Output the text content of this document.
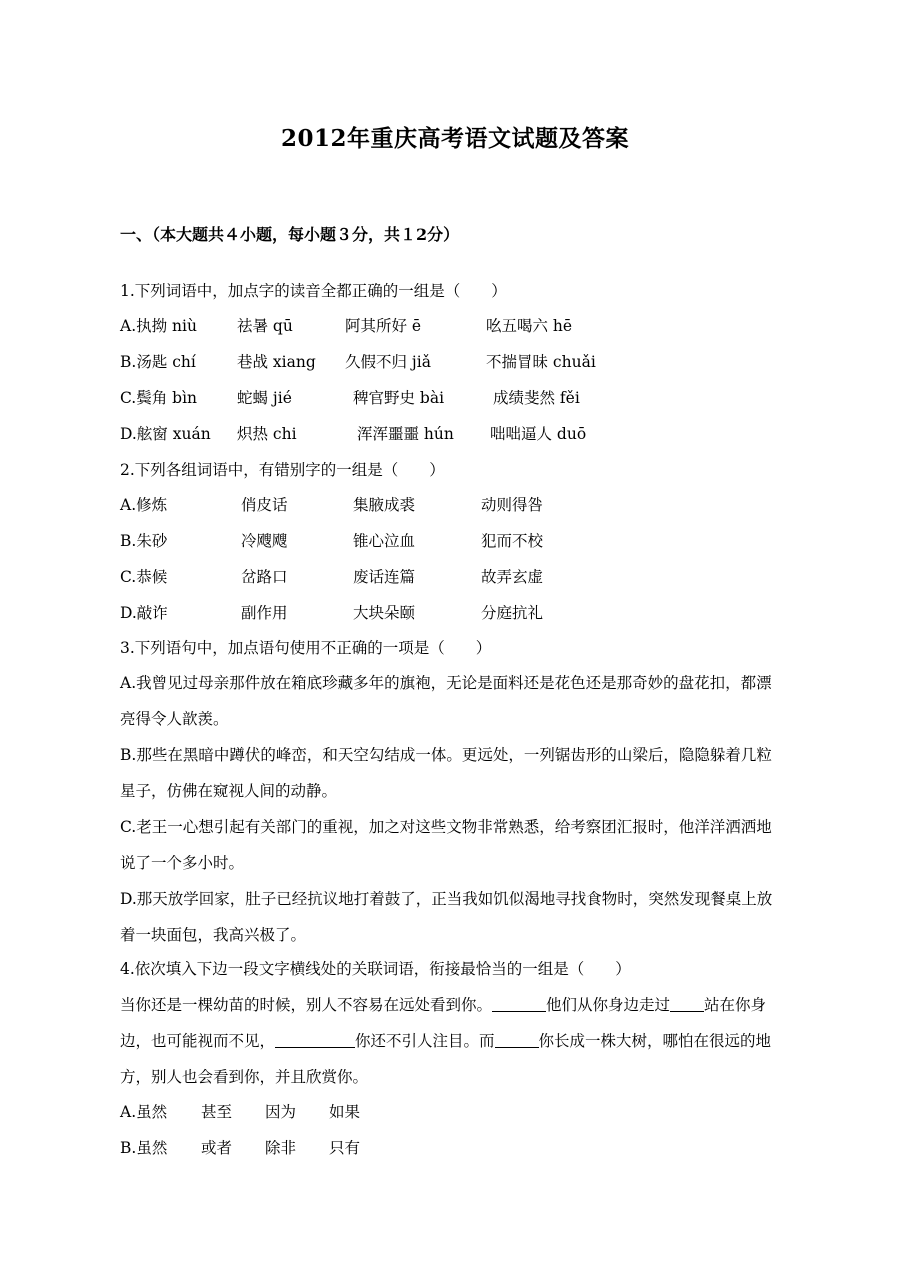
2012年重庆高考语文试题及答案
一、（本大题共４小题，每小题３分，共１2分）
1.下列词语中，加点字的读音全都正确的一组是（　　）
A.执拗 niù	祛暑 qū	阿其所好 ē	吆五喝六 hē
B.汤匙 chí	巷战 xiang 久假不归 jiǎ	不揣冒昧 chuǎi
C.鬓角 bìn	蛇蝎 jié	稗官野史 bài	成绩斐然 fěi
D.舷窗 xuán 炽热 chi	浑浑噩噩 hún 咄咄逼人 duō
2.下列各组词语中，有错别字的一组是（　　）
A.修炼	俏皮话	集腋成裘	动则得咎
B.朱砂	冷飕飕	锥心泣血	犯而不校
C.恭候	岔路口	废话连篇	故弄玄虚
D.敲诈	副作用	大块朵颐	分庭抗礼
3.下列语句中，加点语句使用不正确的一项是（　　）
A.我曾见过母亲那件放在箱底珍藏多年的旗袍，无论是面料还是花色还是那奇妙的盘花扣，都漂
亮得令人歆羡。
B.那些在黑暗中蹲伏的峰峦，和天空勾结成一体。更远处，一列锯齿形的山梁后，隐隐躲着几粒
星子，仿佛在窥视人间的动静。
C.老王一心想引起有关部门的重视，加之对这些文物非常熟悉，给考察团汇报时，他洋洋洒洒地
说了一个多小时。
D.那天放学回家，肚子已经抗议地打着鼓了，正当我如饥似渴地寻找食物时，突然发现餐桌上放
着一块面包，我高兴极了。
4.依次填入下边一段文字横线处的关联词语，衔接最恰当的一组是（　　）
当你还是一棵幼苗的时候，别人不容易在远处看到你。	他们从你身边走过 站在你身
边，也可能视而不见，	你还不引人注目。而	你长成一株大树，哪怕在很远的地
方，别人也会看到你，并且欣赏你。
A.虽然 甚至 因为 如果
B.虽然 或者 除非 只有
